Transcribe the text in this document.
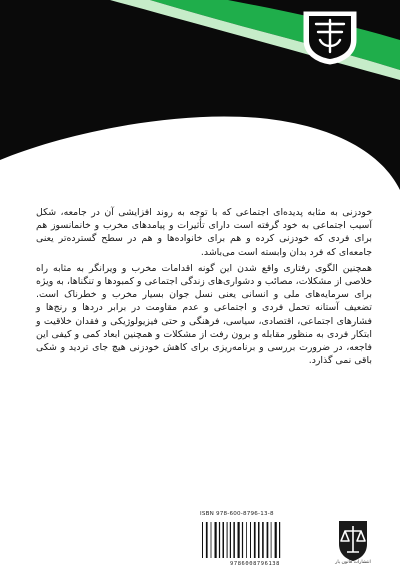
خودزنی به مثابه پدیده‌ای اجتماعی که با توجه به روند افزایشی آن در جامعه، شکل آسیب اجتماعی به خود گرفته است دارای تأثیرات و پیامدهای مخرب و خانمانسوز هم برای فردی که خودزنی کرده و هم برای خانواده‌ها و هم در سطح گسترده‌تر یعنی جامعه‌ای که فرد بدان وابسته است می‌باشد.

همچنین الگوی رفتاری واقع شدن این گونه اقدامات مخرب و ویرانگر به مثابه راه خلاصی از مشکلات، مصائب و دشواری‌های زندگی اجتماعی و کمبودها و تنگناها، به ویژه برای سرمایه‌های ملی و انسانی یعنی نسل جوان بسیار مخرب و خطرناک است. تضعیف آستانه تحمل فردی و اجتماعی و عدم مقاومت در برابر دردها و رنج‌ها و فشارهای اجتماعی، اقتصادی، سیاسی، فرهنگی و حتی فیزیولوژیکی و فقدان خلاقیت و ابتکار فردی به منظور مقابله و برون رفت از مشکلات و همچنین ابعاد کمی و کیفی این فاجعه، در ضرورت بررسی و برنامه‌ریزی برای کاهش خودزنی هیچ جای تردید و شکی باقی نمی گذارد.

ISBN 978-600-8796-13-8
9786008796138	انتشارات قانون یار
